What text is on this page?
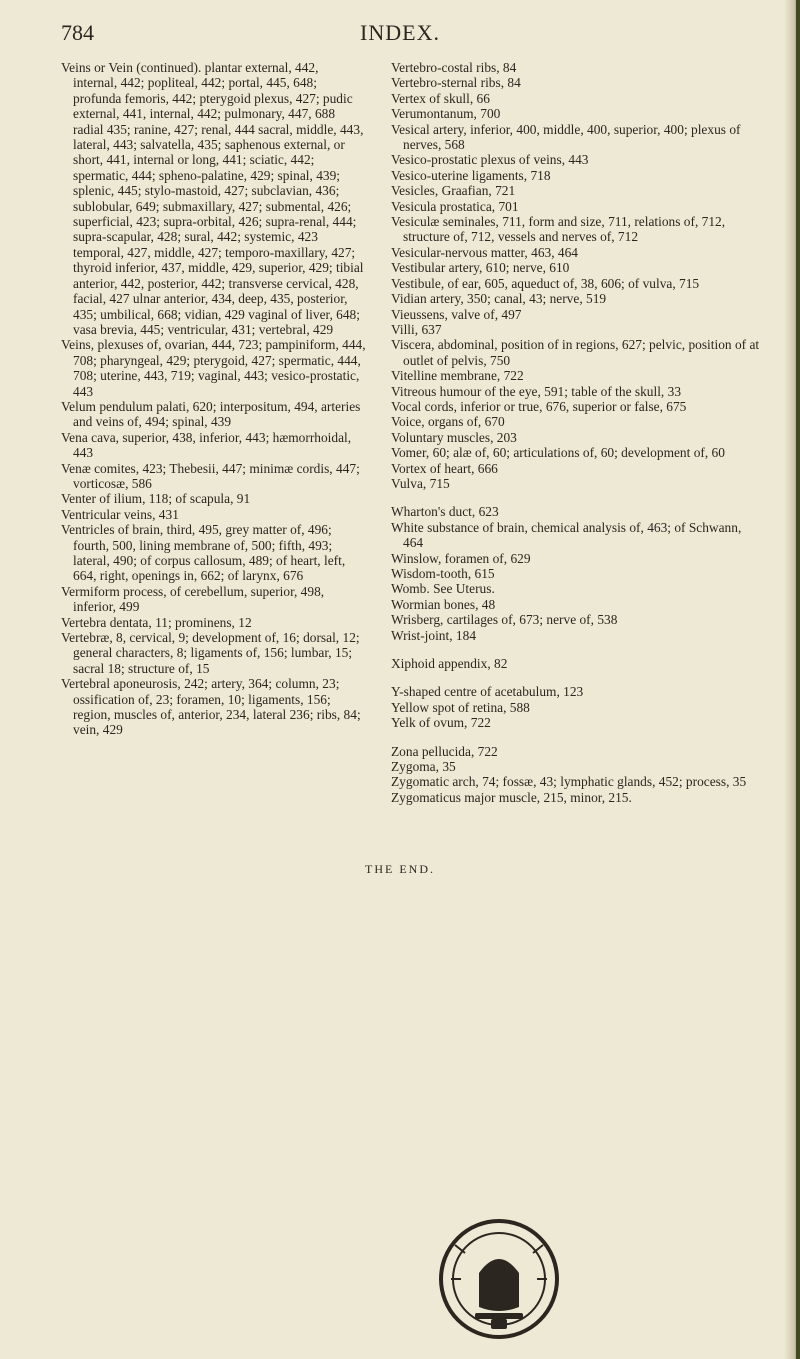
784	INDEX.
Veins or Vein (continued). plantar external, 442, internal, 442; popliteal, 442; portal, 445, 648; profunda femoris, 442; pterygoid plexus, 427; pudic external, 441, internal, 442; pulmonary, 447, 688 radial 435; ranine, 427; renal, 444 sacral, middle, 443, lateral, 443; salvatella, 435; saphenous external, or short, 441, internal or long, 441; sciatic, 442; spermatic, 444; spheno-palatine, 429; spinal, 439; splenic, 445; stylo-mastoid, 427; subclavian, 436; sublobular, 649; submaxillary, 427; submental, 426; superficial, 423; supra-orbital, 426; supra-renal, 444; supra-scapular, 428; sural, 442; systemic, 423 temporal, 427, middle, 427; temporo-maxillary, 427; thyroid inferior, 437, middle, 429, superior, 429; tibial anterior, 442, posterior, 442; transverse cervical, 428, facial, 427 ulnar anterior, 434, deep, 435, posterior, 435; umbilical, 668; vidian, 429 vaginal of liver, 648; vasa brevia, 445; ventricular, 431; vertebral, 429
Veins, plexuses of, ovarian, 444, 723; pampiniform, 444, 708; pharyngeal, 429; pterygoid, 427; spermatic, 444, 708; uterine, 443, 719; vaginal, 443; vesico-prostatic, 443
Velum pendulum palati, 620; interpositum, 494, arteries and veins of, 494; spinal, 439
Vena cava, superior, 438, inferior, 443; hæmorrhoidal, 443
Venæ comites, 423; Thebesii, 447; minimæ cordis, 447; vorticosæ, 586
Venter of ilium, 118; of scapula, 91
Ventricular veins, 431
Ventricles of brain, third, 495, grey matter of, 496; fourth, 500, lining membrane of, 500; fifth, 493; lateral, 490; of corpus callosum, 489; of heart, left, 664, right, openings in, 662; of larynx, 676
Vermiform process, of cerebellum, superior, 498, inferior, 499
Vertebra dentata, 11; prominens, 12
Vertebræ, 8, cervical, 9; development of, 16; dorsal, 12; general characters, 8; ligaments of, 156; lumbar, 15; sacral 18; structure of, 15
Vertebral aponeurosis, 242; artery, 364; column, 23; ossification of, 23; foramen, 10; ligaments, 156; region, muscles of, anterior, 234, lateral 236; ribs, 84; vein, 429
Vertebro-costal ribs, 84
Vertebro-sternal ribs, 84
Vertex of skull, 66
Verumontanum, 700
Vesical artery, inferior, 400, middle, 400, superior, 400; plexus of nerves, 568
Vesico-prostatic plexus of veins, 443
Vesico-uterine ligaments, 718
Vesicles, Graafian, 721
Vesicula prostatica, 701
Vesiculæ seminales, 711, form and size, 711, relations of, 712, structure of, 712, vessels and nerves of, 712
Vesicular-nervous matter, 463, 464
Vestibular artery, 610; nerve, 610
Vestibule, of ear, 605, aqueduct of, 38, 606; of vulva, 715
Vidian artery, 350; canal, 43; nerve, 519
Vieussens, valve of, 497
Villi, 637
Viscera, abdominal, position of in regions, 627; pelvic, position of at outlet of pelvis, 750
Vitelline membrane, 722
Vitreous humour of the eye, 591; table of the skull, 33
Vocal cords, inferior or true, 676, superior or false, 675
Voice, organs of, 670
Voluntary muscles, 203
Vomer, 60; alæ of, 60; articulations of, 60; development of, 60
Vortex of heart, 666
Vulva, 715
Wharton's duct, 623
White substance of brain, chemical analysis of, 463; of Schwann, 464
Winslow, foramen of, 629
Wisdom-tooth, 615
Womb. See Uterus.
Wormian bones, 48
Wrisberg, cartilages of, 673; nerve of, 538
Wrist-joint, 184
Xiphoid appendix, 82
Y-shaped centre of acetabulum, 123
Yellow spot of retina, 588
Yelk of ovum, 722
Zona pellucida, 722
Zygoma, 35
Zygomatic arch, 74; fossæ, 43; lymphatic glands, 452; process, 35
Zygomaticus major muscle, 215, minor, 215.
THE END.
